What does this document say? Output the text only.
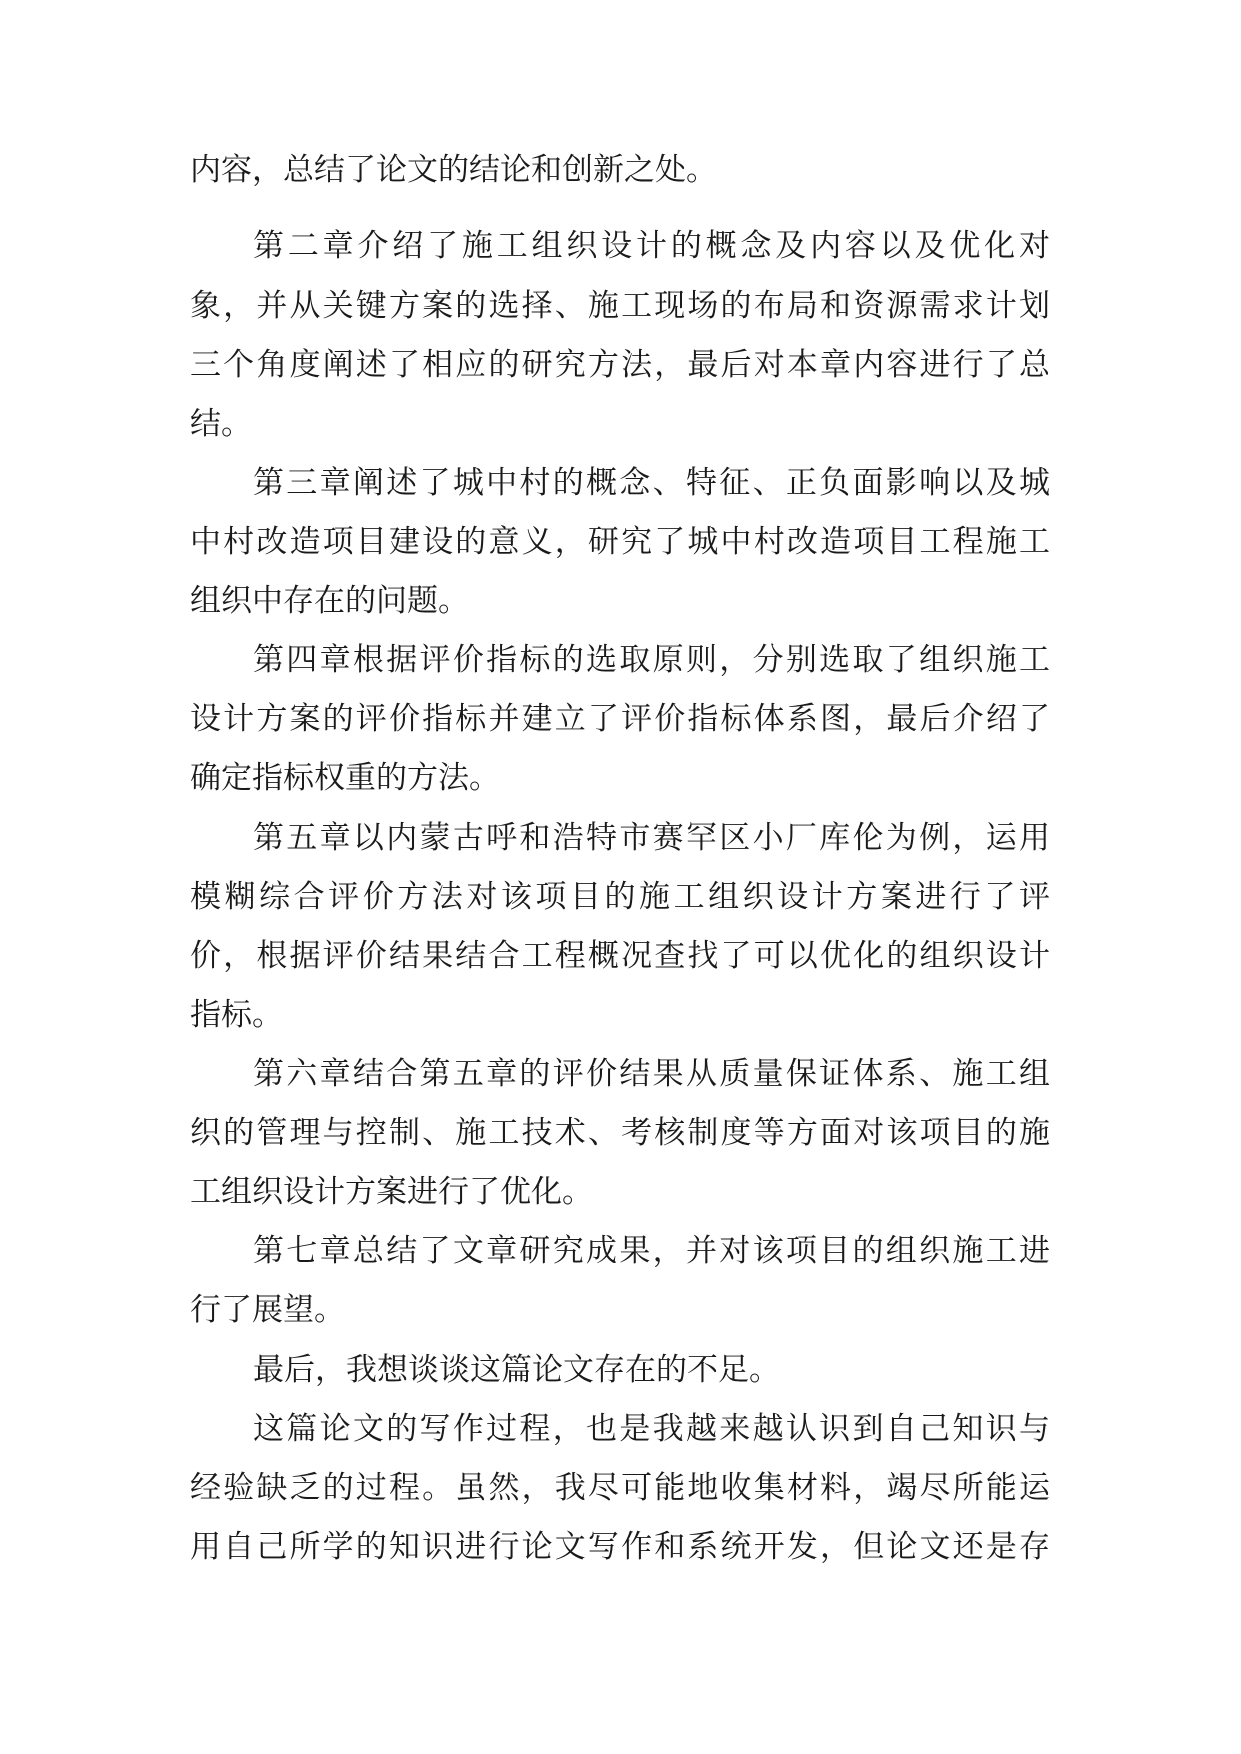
内容，总结了论文的结论和创新之处。
第二章介绍了施工组织设计的概念及内容以及优化对
象，并从关键方案的选择、施工现场的布局和资源需求计划
三个角度阐述了相应的研究方法，最后对本章内容进行了总
结。
第三章阐述了城中村的概念、特征、正负面影响以及城
中村改造项目建设的意义，研究了城中村改造项目工程施工
组织中存在的问题。
第四章根据评价指标的选取原则，分别选取了组织施工
设计方案的评价指标并建立了评价指标体系图，最后介绍了
确定指标权重的方法。
第五章以内蒙古呼和浩特市赛罕区小厂库伦为例，运用
模糊综合评价方法对该项目的施工组织设计方案进行了评
价，根据评价结果结合工程概况查找了可以优化的组织设计
指标。
第六章结合第五章的评价结果从质量保证体系、施工组
织的管理与控制、施工技术、考核制度等方面对该项目的施
工组织设计方案进行了优化。
第七章总结了文章研究成果，并对该项目的组织施工进
行了展望。
最后，我想谈谈这篇论文存在的不足。
这篇论文的写作过程，也是我越来越认识到自己知识与
经验缺乏的过程。虽然，我尽可能地收集材料，竭尽所能运
用自己所学的知识进行论文写作和系统开发，但论文还是存
